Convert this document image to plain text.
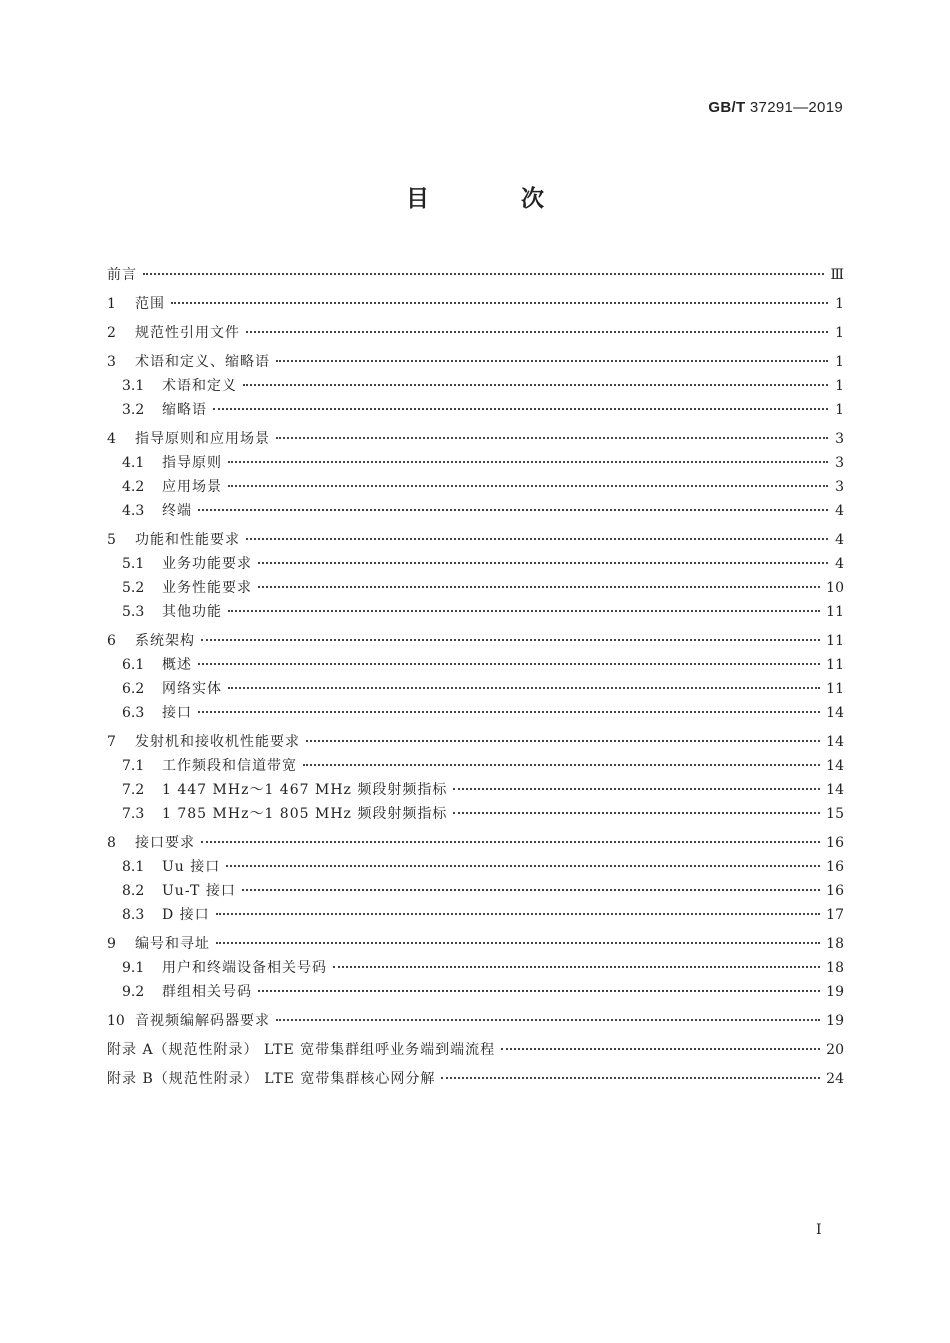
GB/T 37291—2019
目 次
前言	Ⅲ
1	范围	1
2	规范性引用文件	1
3	术语和定义、缩略语	1
3.1	术语和定义	1
3.2	缩略语	1
4	指导原则和应用场景	3
4.1	指导原则	3
4.2	应用场景	3
4.3	终端	4
5	功能和性能要求	4
5.1	业务功能要求	4
5.2	业务性能要求	10
5.3	其他功能	11
6	系统架构	11
6.1	概述	11
6.2	网络实体	11
6.3	接口	14
7	发射机和接收机性能要求	14
7.1	工作频段和信道带宽	14
7.2	1 447 MHz～1 467 MHz 频段射频指标	14
7.3	1 785 MHz～1 805 MHz 频段射频指标	15
8	接口要求	16
8.1	Uu 接口	16
8.2	Uu-T 接口	16
8.3	D 接口	17
9	编号和寻址	18
9.1	用户和终端设备相关号码	18
9.2	群组相关号码	19
10 音视频编解码器要求	19
附录 A（规范性附录） LTE 宽带集群组呼业务端到端流程	20
附录 B（规范性附录） LTE 宽带集群核心网分解	24
I
